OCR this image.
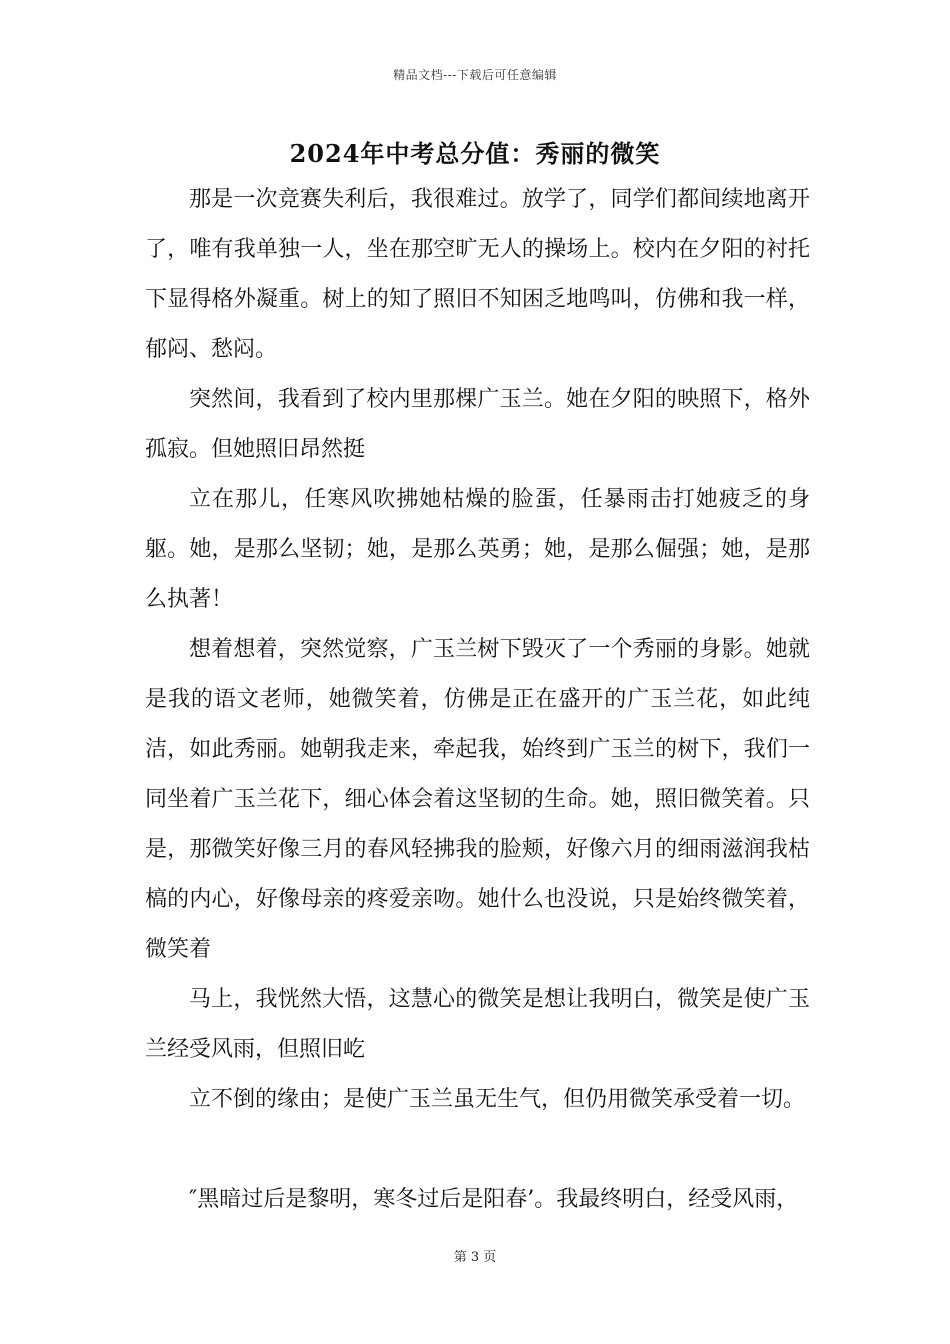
精品文档---下载后可任意编辑
2024年中考总分值：秀丽的微笑

那是一次竞赛失利后，我很难过。放学了，同学们都间续地离开了，唯有我单独一人，坐在那空旷无人的操场上。校内在夕阳的衬托下显得格外凝重。树上的知了照旧不知困乏地鸣叫，仿佛和我一样，郁闷、愁闷。

突然间，我看到了校内里那棵广玉兰。她在夕阳的映照下，格外孤寂。但她照旧昂然挺

立在那儿，任寒风吹拂她枯燥的脸蛋，任暴雨击打她疲乏的身躯。她，是那么坚韧；她，是那么英勇；她，是那么倔强；她，是那么执著！

想着想着，突然觉察，广玉兰树下毁灭了一个秀丽的身影。她就是我的语文老师，她微笑着，仿佛是正在盛开的广玉兰花，如此纯洁，如此秀丽。她朝我走来，牵起我，始终到广玉兰的树下，我们一同坐着广玉兰花下，细心体会着这坚韧的生命。她，照旧微笑着。只是，那微笑好像三月的春风轻拂我的脸颊，好像六月的细雨滋润我枯槁的内心，好像母亲的疼爱亲吻。她什么也没说，只是始终微笑着，微笑着

马上，我恍然大悟，这慧心的微笑是想让我明白，微笑是使广玉兰经受风雨，但照旧屹

立不倒的缘由；是使广玉兰虽无生气，但仍用微笑承受着一切。

″黑暗过后是黎明，寒冬过后是阳春’。我最终明白，经受风雨，

第 3 页
